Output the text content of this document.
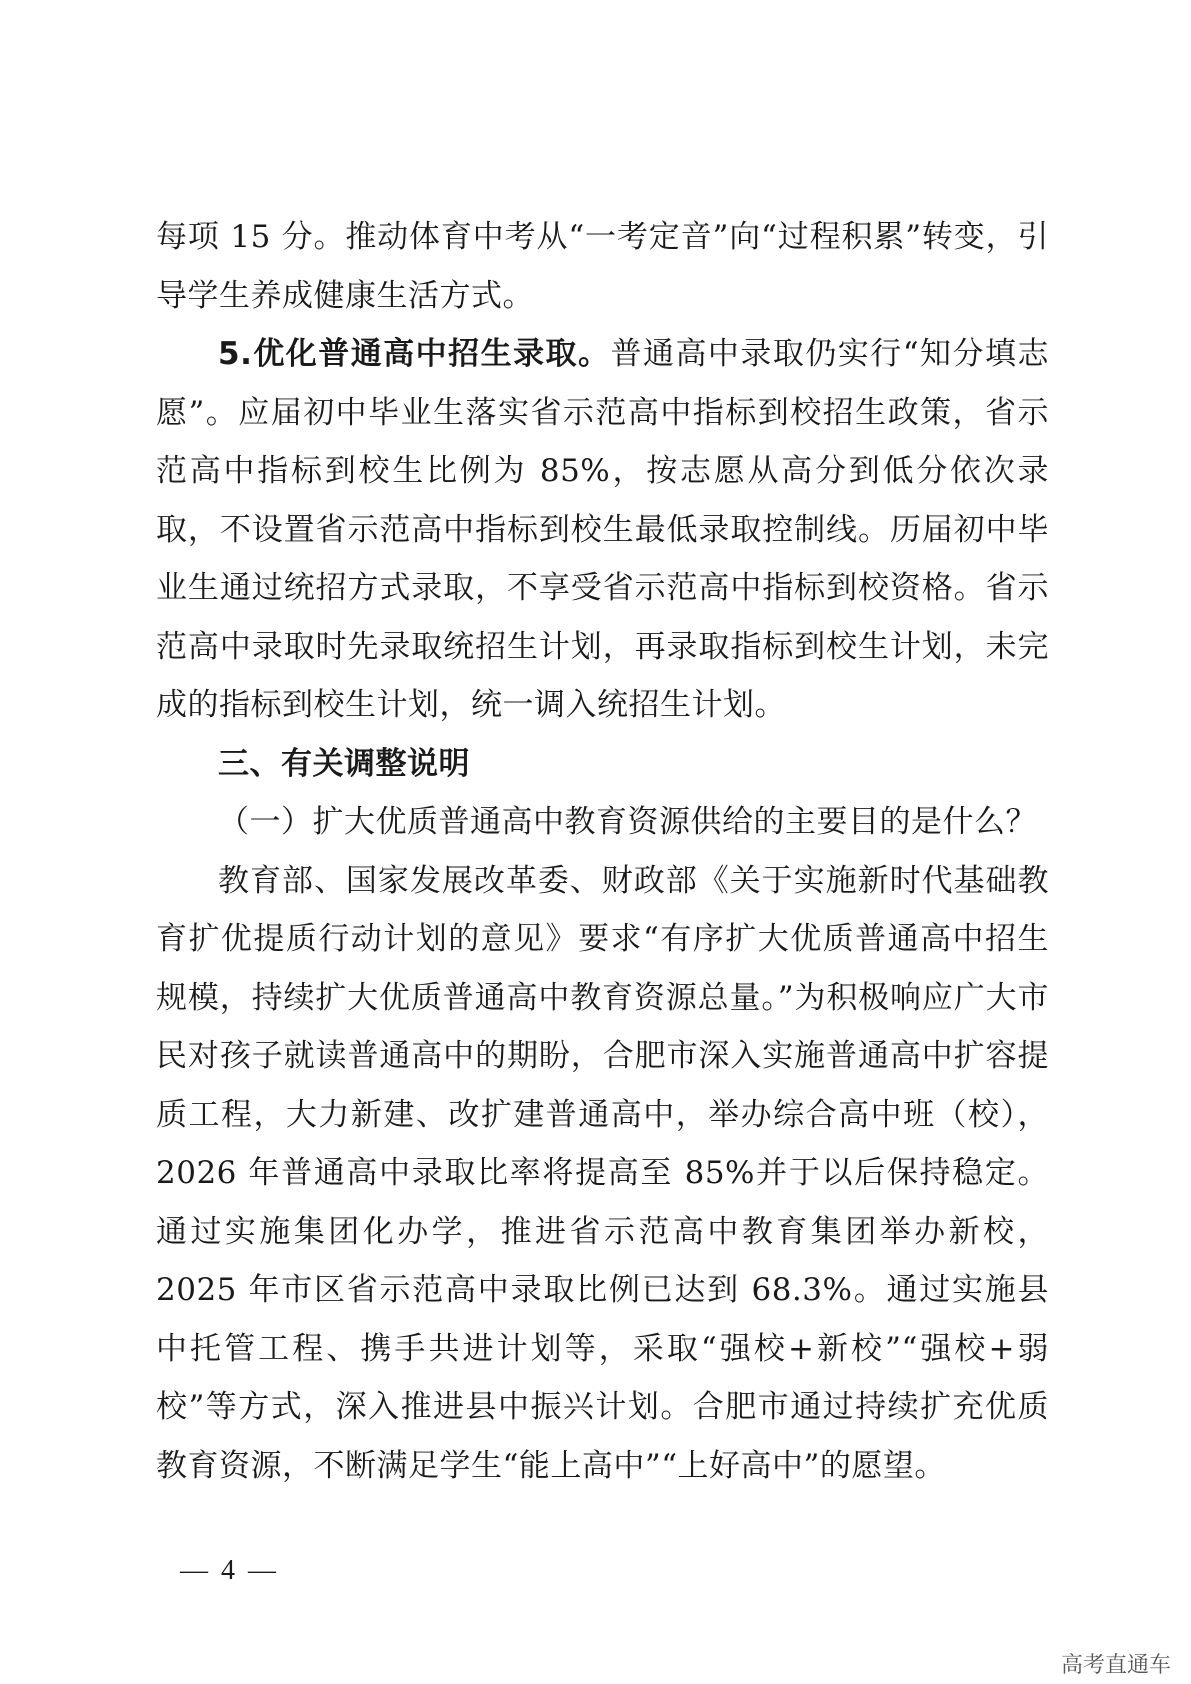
每项 15 分。推动体育中考从“一考定音”向“过程积累”转变，引导学生养成健康生活方式。

5.优化普通高中招生录取。普通高中录取仍实行“知分填志愿”。应届初中毕业生落实省示范高中指标到校招生政策，省示范高中指标到校生比例为 85%，按志愿从高分到低分依次录取，不设置省示范高中指标到校生最低录取控制线。历届初中毕业生通过统招方式录取，不享受省示范高中指标到校资格。省示范高中录取时先录取统招生计划，再录取指标到校生计划，未完成的指标到校生计划，统一调入统招生计划。

三、有关调整说明

（一）扩大优质普通高中教育资源供给的主要目的是什么？

教育部、国家发展改革委、财政部《关于实施新时代基础教育扩优提质行动计划的意见》要求“有序扩大优质普通高中招生规模，持续扩大优质普通高中教育资源总量。”为积极响应广大市民对孩子就读普通高中的期盼，合肥市深入实施普通高中扩容提质工程，大力新建、改扩建普通高中，举办综合高中班（校），2026 年普通高中录取比率将提高至 85%并于以后保持稳定。通过实施集团化办学，推进省示范高中教育集团举办新校，2025 年市区省示范高中录取比例已达到 68.3%。通过实施县中托管工程、携手共进计划等，采取“强校+新校”“强校+弱校”等方式，深入推进县中振兴计划。合肥市通过持续扩充优质教育资源，不断满足学生“能上高中”“上好高中”的愿望。

— 4 —
高考直通车
